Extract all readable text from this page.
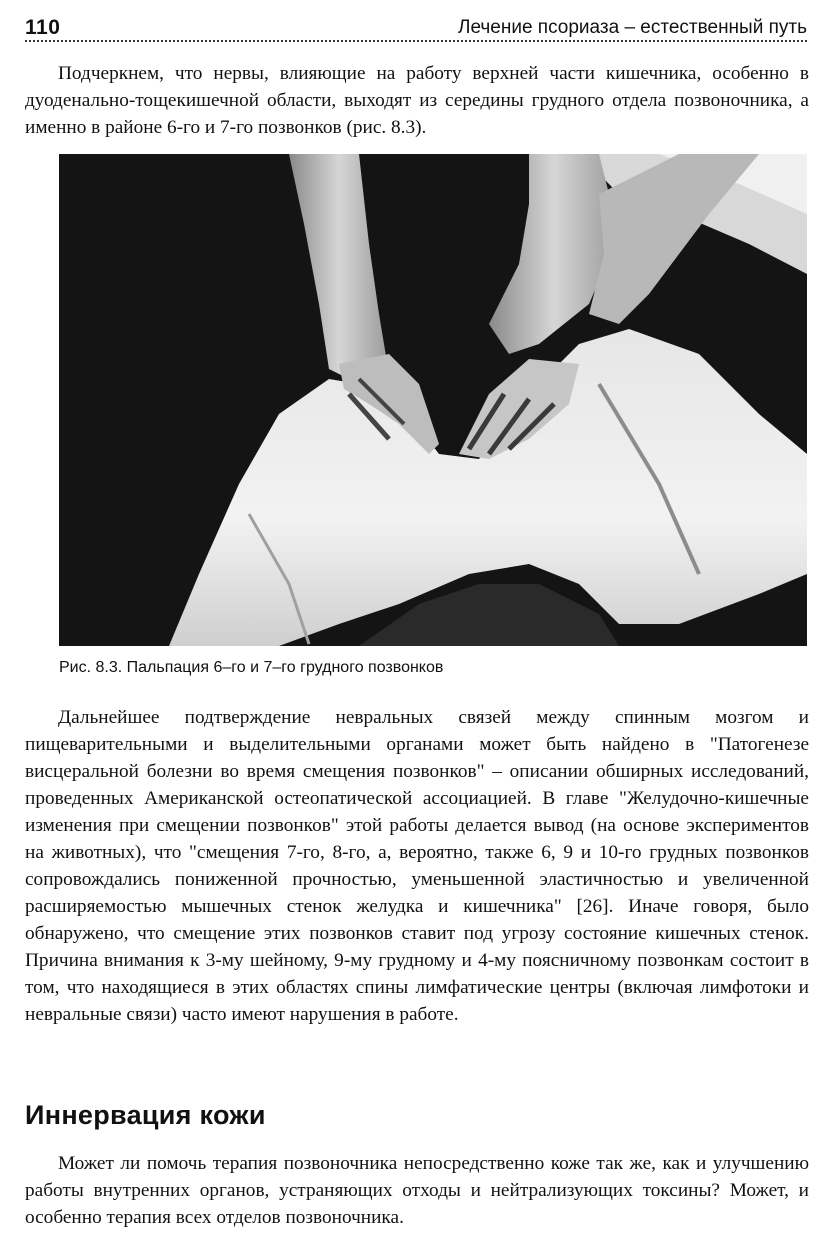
110	Лечение псориаза – естественный путь

Подчеркнем, что нервы, влияющие на работу верхней части кишечника, особенно в дуоденально-тощекишечной области, выходят из середины грудного отдела позвоночника, а именно в районе 6-го и 7-го позвонков (рис. 8.3).

Рис. 8.3. Пальпация 6–го и 7–го грудного позвонков

Дальнейшее подтверждение невральных связей между спинным мозгом и пищеварительными и выделительными органами может быть найдено в "Патогенезе висцеральной болезни во время смещения позвонков" – описании обширных исследований, проведенных Американской остеопатической ассоциацией. В главе "Желудочно-кишечные изменения при смещении позвонков" этой работы делается вывод (на основе экспериментов на животных), что "смещения 7-го, 8-го, а, вероятно, также 6, 9 и 10-го грудных позвонков сопровождались пониженной прочностью, уменьшенной эластичностью и увеличенной расширяемостью мышечных стенок желудка и кишечника" [26]. Иначе говоря, было обнаружено, что смещение этих позвонков ставит под угрозу состояние кишечных стенок. Причина внимания к 3-му шейному, 9-му грудному и 4-му поясничному позвонкам состоит в том, что находящиеся в этих областях спины лимфатические центры (включая лимфотоки и невральные связи) часто имеют нарушения в работе.

Иннервация кожи

Может ли помочь терапия позвоночника непосредственно коже так же, как и улучшению работы внутренних органов, устраняющих отходы и нейтрализующих токсины? Может, и особенно терапия всех отделов позвоночника.
